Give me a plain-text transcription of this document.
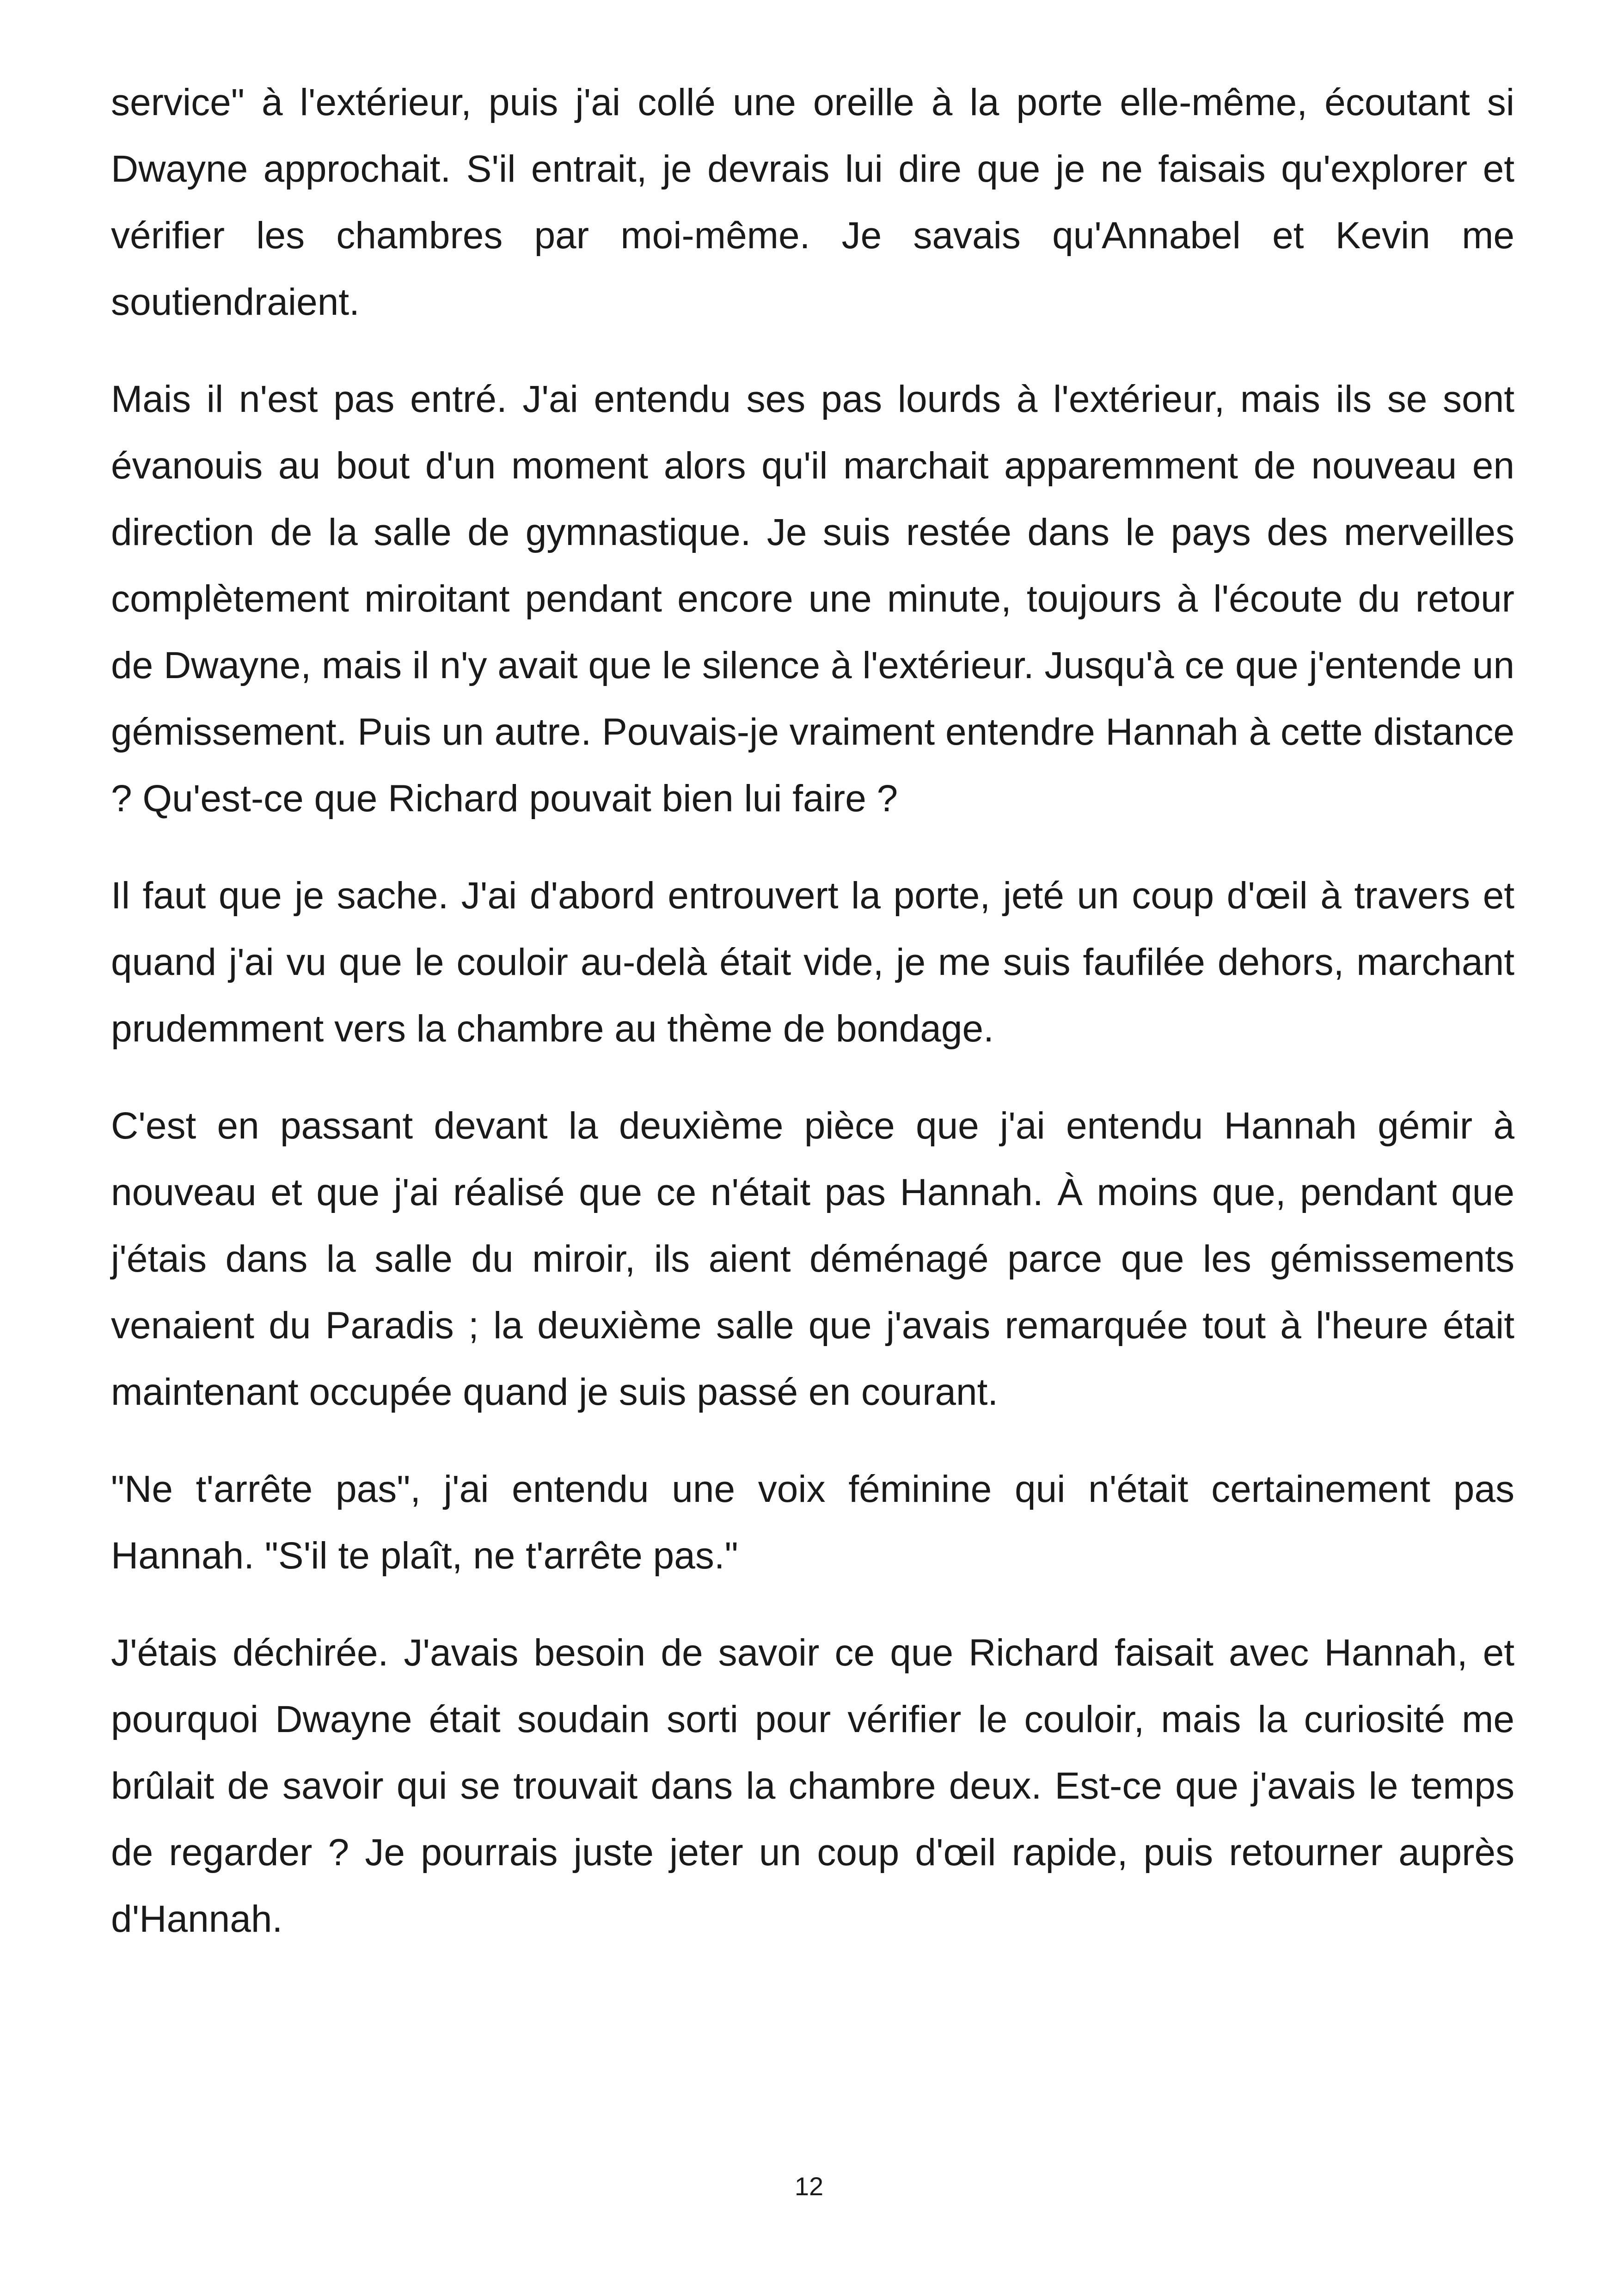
service" à l'extérieur, puis j'ai collé une oreille à la porte elle-même, écoutant si Dwayne approchait. S'il entrait, je devrais lui dire que je ne faisais qu'explorer et vérifier les chambres par moi-même. Je savais qu'Annabel et Kevin me soutiendraient.

Mais il n'est pas entré. J'ai entendu ses pas lourds à l'extérieur, mais ils se sont évanouis au bout d'un moment alors qu'il marchait apparemment de nouveau en direction de la salle de gymnastique. Je suis restée dans le pays des merveilles complètement miroitant pendant encore une minute, toujours à l'écoute du retour de Dwayne, mais il n'y avait que le silence à l'extérieur. Jusqu'à ce que j'entende un gémissement. Puis un autre. Pouvais-je vraiment entendre Hannah à cette distance ? Qu'est-ce que Richard pouvait bien lui faire ?

Il faut que je sache. J'ai d'abord entrouvert la porte, jeté un coup d'œil à travers et quand j'ai vu que le couloir au-delà était vide, je me suis faufilée dehors, marchant prudemment vers la chambre au thème de bondage.

C'est en passant devant la deuxième pièce que j'ai entendu Hannah gémir à nouveau et que j'ai réalisé que ce n'était pas Hannah. À moins que, pendant que j'étais dans la salle du miroir, ils aient déménagé parce que les gémissements venaient du Paradis ; la deuxième salle que j'avais remarquée tout à l'heure était maintenant occupée quand je suis passé en courant.

"Ne t'arrête pas", j'ai entendu une voix féminine qui n'était certainement pas Hannah. "S'il te plaît, ne t'arrête pas."

J'étais déchirée. J'avais besoin de savoir ce que Richard faisait avec Hannah, et pourquoi Dwayne était soudain sorti pour vérifier le couloir, mais la curiosité me brûlait de savoir qui se trouvait dans la chambre deux. Est-ce que j'avais le temps de regarder ? Je pourrais juste jeter un coup d'œil rapide, puis retourner auprès d'Hannah.

12
